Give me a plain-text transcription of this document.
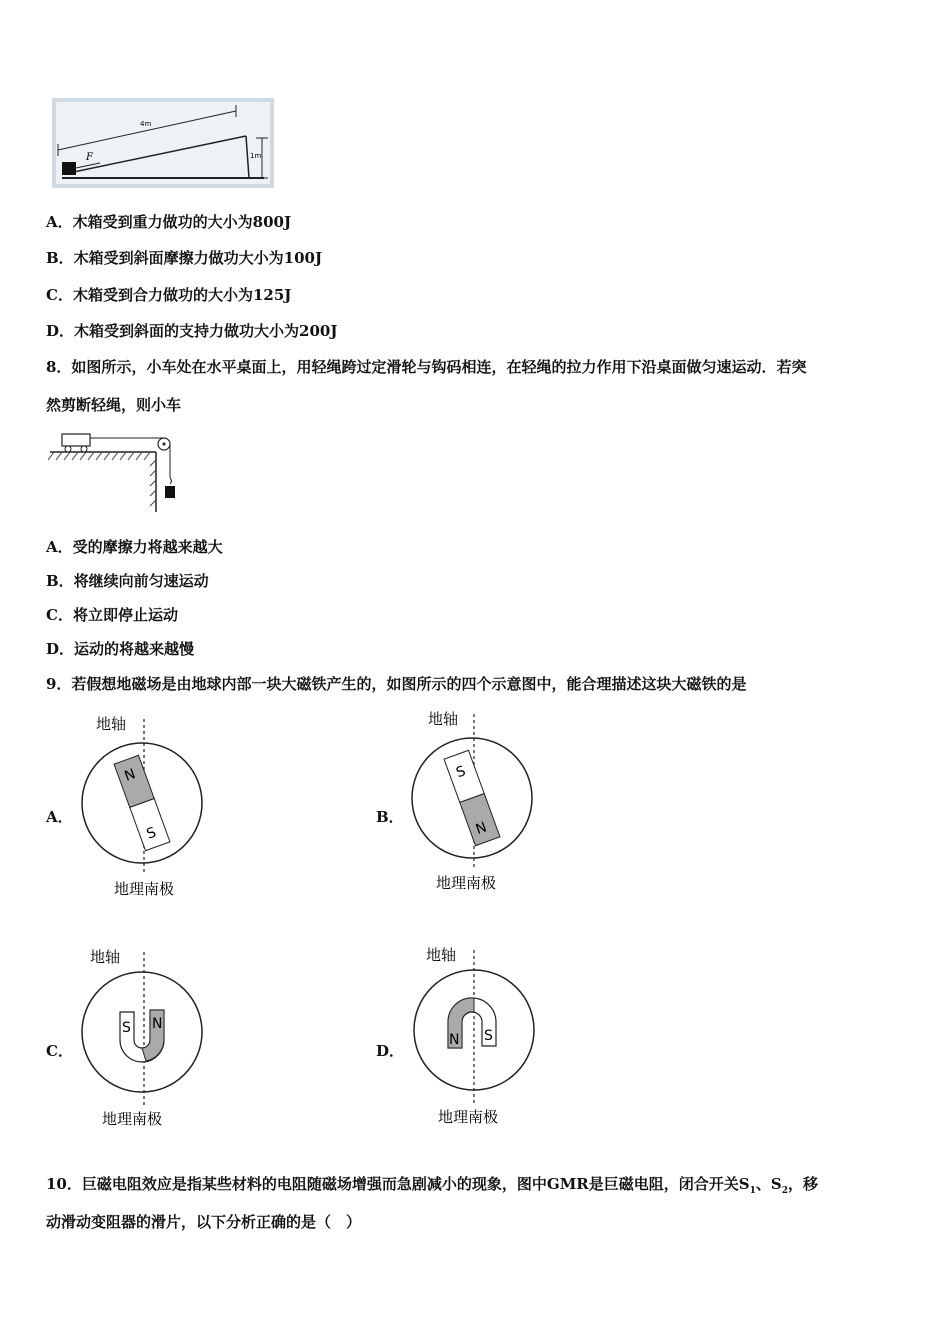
F
4m
1m
A．木箱受到重力做功的大小为800J
B．木箱受到斜面摩擦力做功大小为100J
C．木箱受到合力做功的大小为125J
D．木箱受到斜面的支持力做功大小为200J
8．如图所示，小车处在水平桌面上，用轻绳跨过定滑轮与钩码相连，在轻绳的拉力作用下沿桌面做匀速运动．若突
然剪断轻绳，则小车
A．受的摩擦力将越来越大
B．将继续向前匀速运动
C．将立即停止运动
D．运动的将越来越慢
9．若假想地磁场是由地球内部一块大磁铁产生的，如图所示的四个示意图中，能合理描述这块大磁铁的是
A．
地轴
N
S
地理南极
B．
地轴
S
N
地理南极
C．
地轴
S N
地理南极
D．
地轴
N S
地理南极
10．巨磁电阻效应是指某些材料的电阻随磁场增强而急剧减小的现象，图中GMR是巨磁电阻，闭合开关$S_1$、$S_2$，移
动滑动变阻器的滑片，以下分析正确的是（　）
